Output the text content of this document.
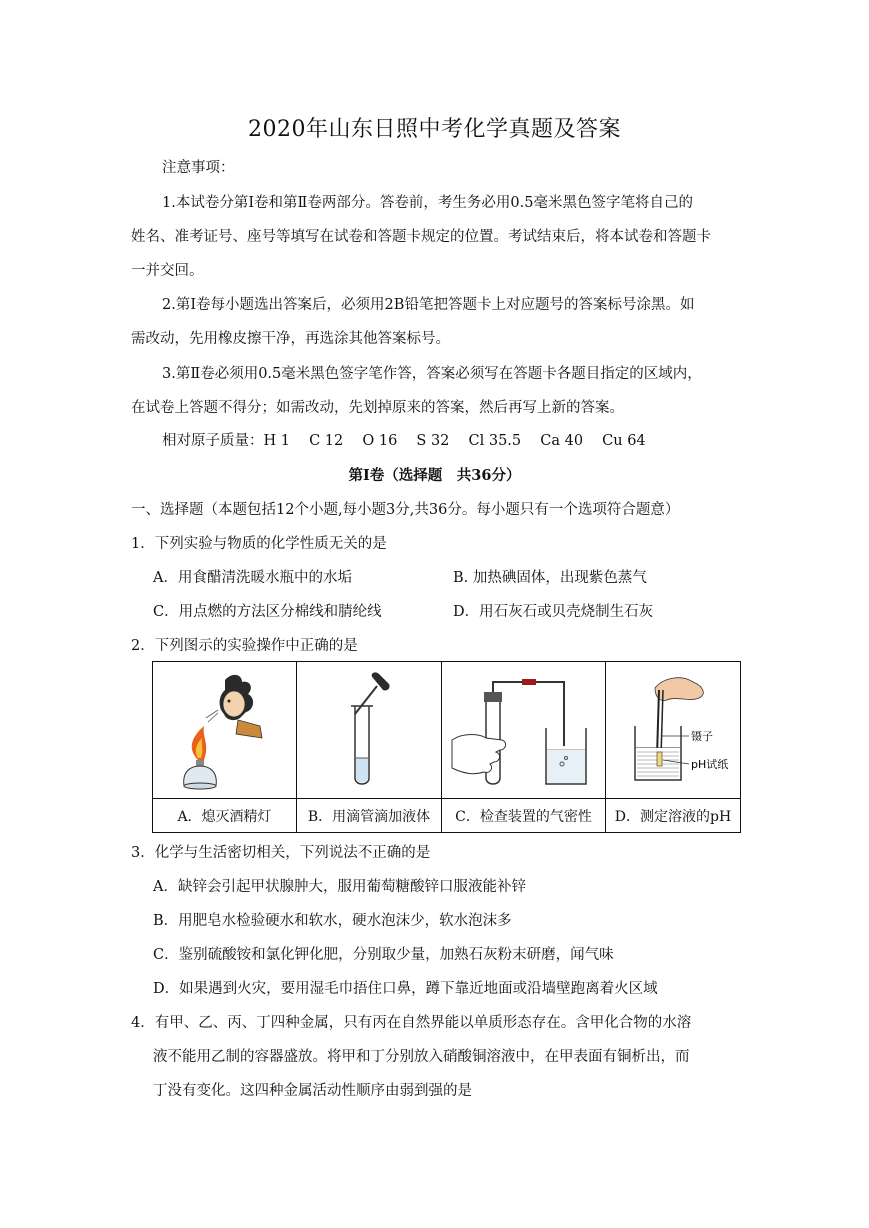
2020年山东日照中考化学真题及答案
注意事项：
1.本试卷分第Ⅰ卷和第Ⅱ卷两部分。答卷前，考生务必用0.5毫米黑色签字笔将自己的
姓名、准考证号、座号等填写在试卷和答题卡规定的位置。考试结束后，将本试卷和答题卡
一并交回。
2.第Ⅰ卷每小题选出答案后，必须用2B铅笔把答题卡上对应题号的答案标号涂黑。如
需改动，先用橡皮擦干净，再选涂其他答案标号。
3.第Ⅱ卷必须用0.5毫米黑色签字笔作答，答案必须写在答题卡各题目指定的区域内，
在试卷上答题不得分；如需改动，先划掉原来的答案，然后再写上新的答案。
相对原子质量：H 1　 C 12　 O 16　 S 32　 Cl 35.5　 Ca 40　 Cu 64
第Ⅰ卷（选择题　共36分）
一、选择题（本题包括12个小题,每小题3分,共36分。每小题只有一个选项符合题意）
1．下列实验与物质的化学性质无关的是
A．用食醋清洗暖水瓶中的水垢	B. 加热碘固体，出现紫色蒸气
C．用点燃的方法区分棉线和腈纶线	D．用石灰石或贝壳烧制生石灰
2．下列图示的实验操作中正确的是

镊子
pH试纸

A．熄灭酒精灯	B．用滴管滴加液体	C．检查装置的气密性	D．测定溶液的pH
3．化学与生活密切相关，下列说法不正确的是
A．缺锌会引起甲状腺肿大，服用葡萄糖酸锌口服液能补锌
B．用肥皂水检验硬水和软水，硬水泡沫少，软水泡沫多
C．鉴别硫酸铵和氯化钾化肥，分别取少量，加熟石灰粉末研磨，闻气味
D．如果遇到火灾，要用湿毛巾捂住口鼻，蹲下靠近地面或沿墙壁跑离着火区域
4．有甲、乙、丙、丁四种金属，只有丙在自然界能以单质形态存在。含甲化合物的水溶
液不能用乙制的容器盛放。将甲和丁分别放入硝酸铜溶液中，在甲表面有铜析出，而
丁没有变化。这四种金属活动性顺序由弱到强的是
